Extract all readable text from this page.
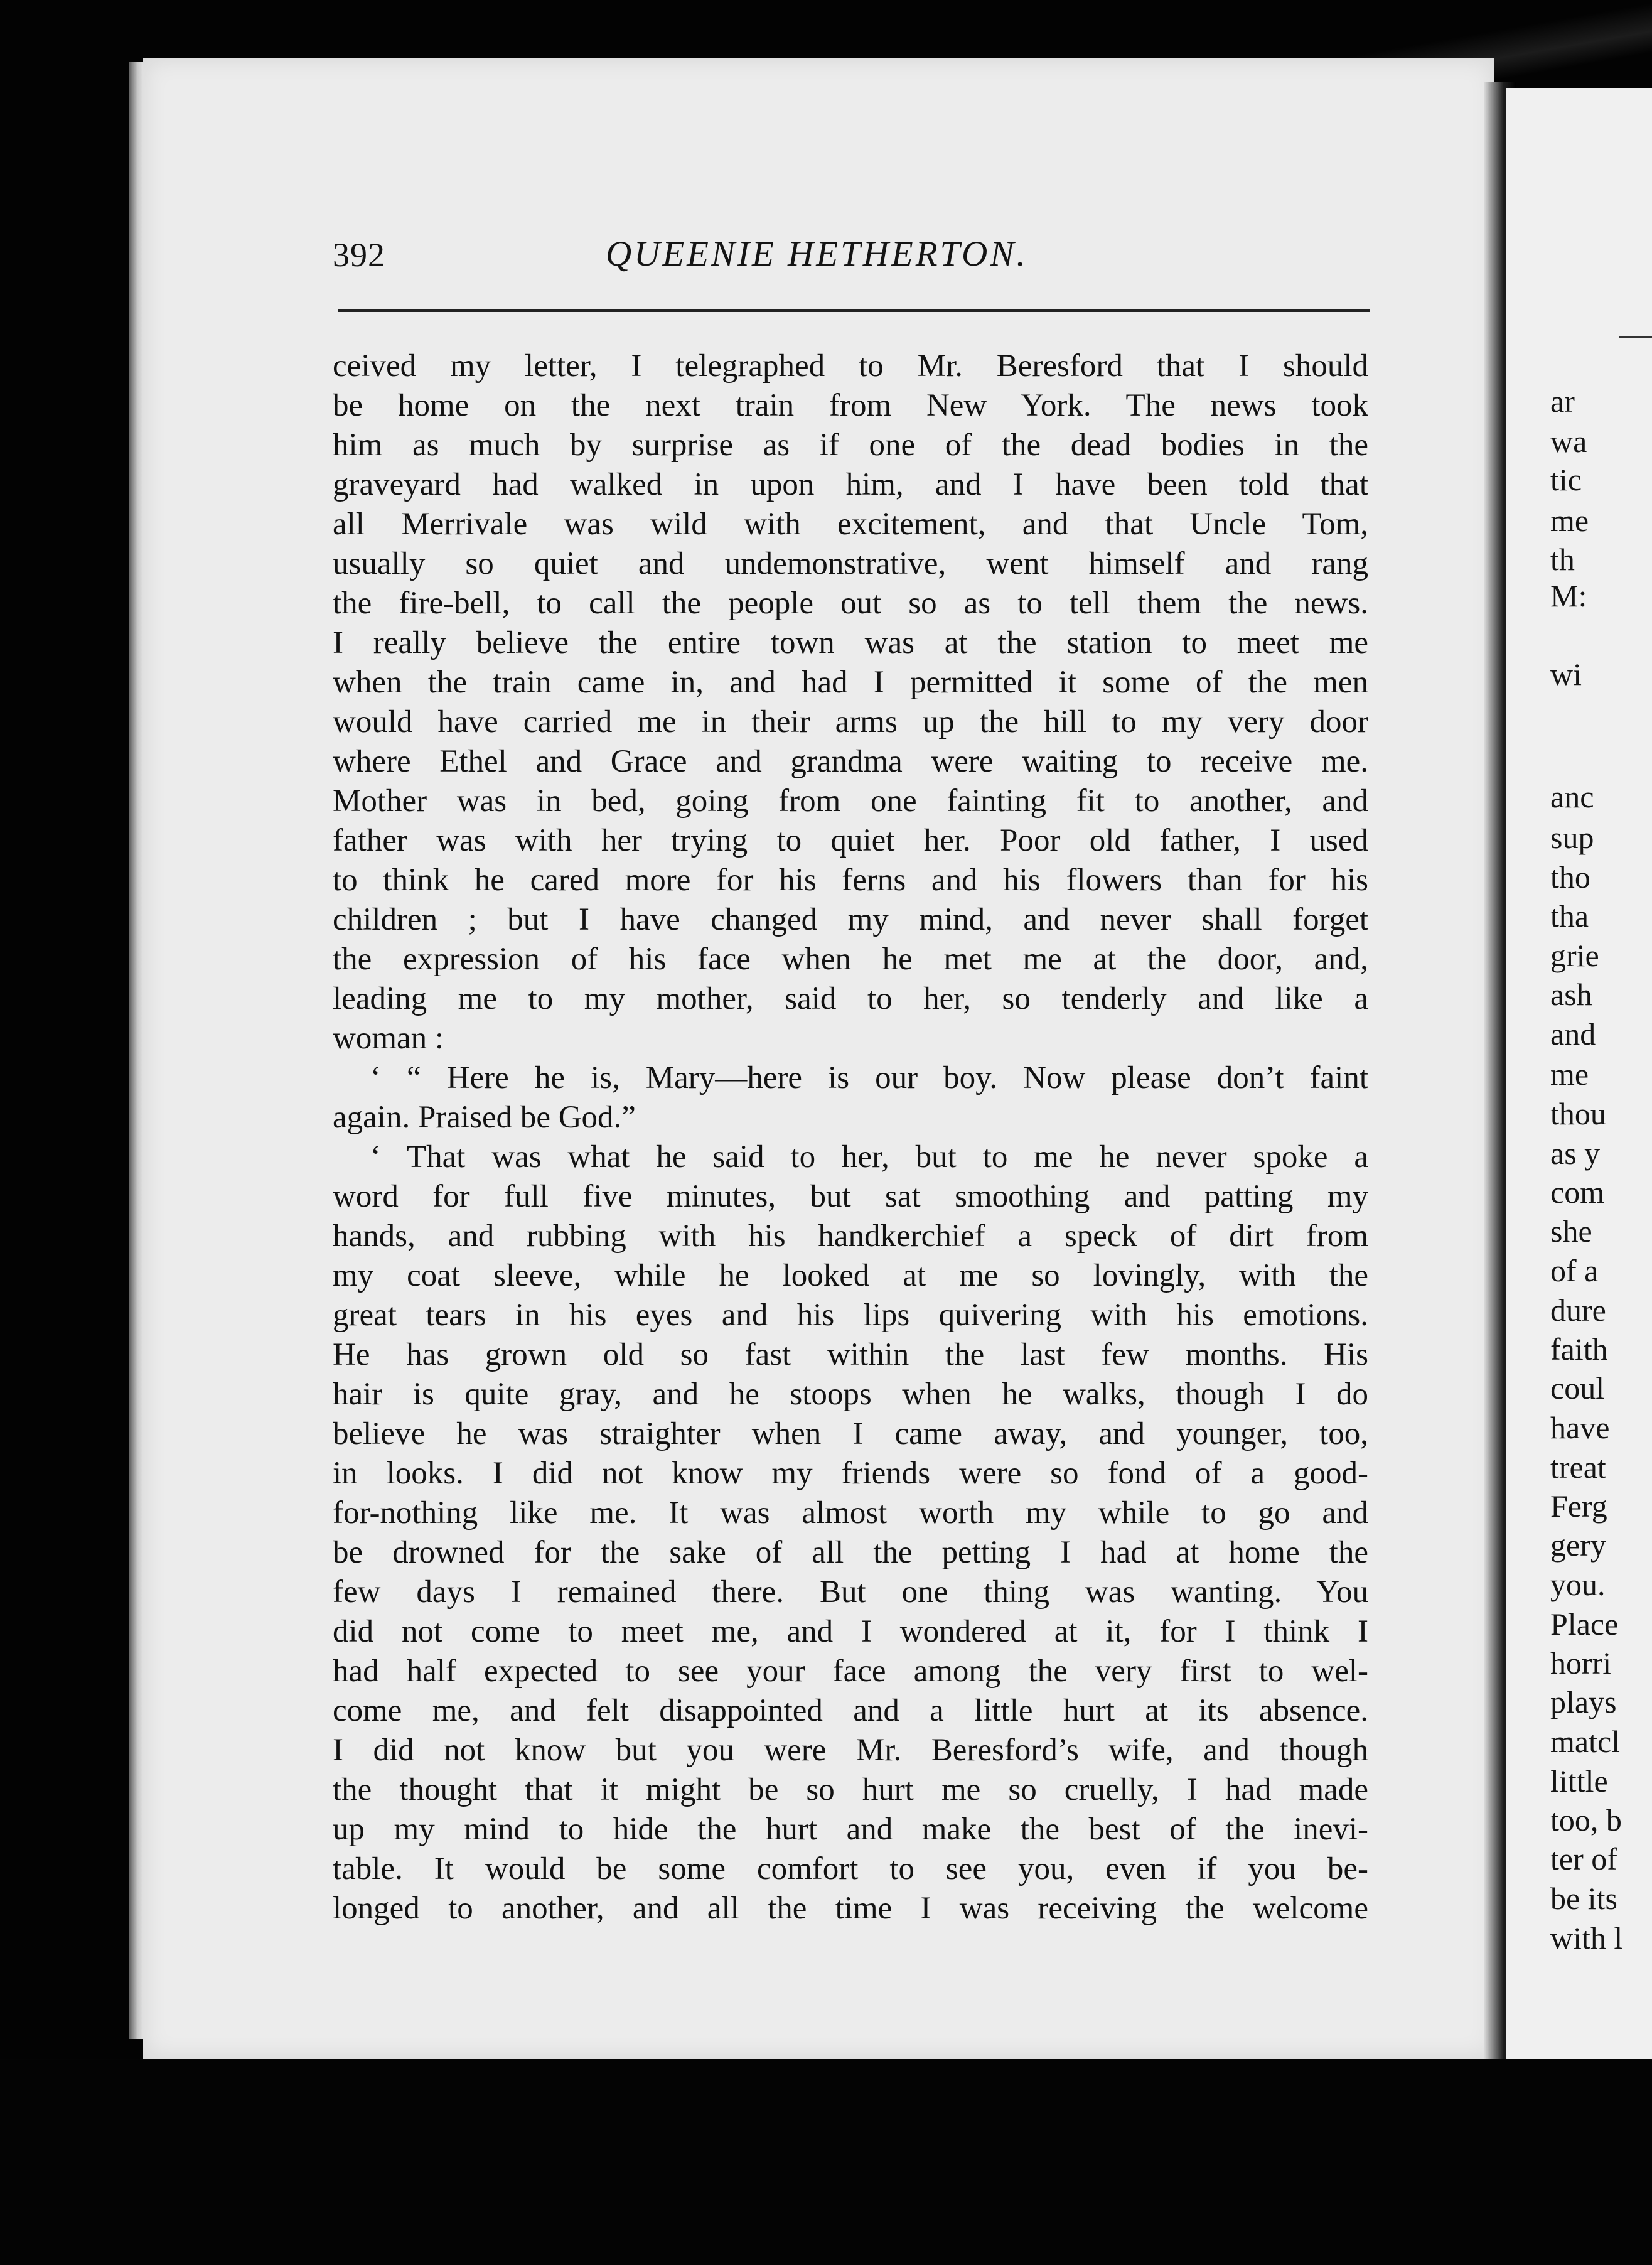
392	QUEENIE HETHERTON.
ceived my letter, I telegraphed to Mr. Beresford that I should
be home on the next train from New York. The news took
him as much by surprise as if one of the dead bodies in the
graveyard had walked in upon him, and I have been told that
all Merrivale was wild with excitement, and that Uncle Tom,
usually so quiet and undemonstrative, went himself and rang
the fire-bell, to call the people out so as to tell them the news.
I really believe the entire town was at the station to meet me
when the train came in, and had I permitted it some of the men
would have carried me in their arms up the hill to my very door
where Ethel and Grace and grandma were waiting to receive me.
Mother was in bed, going from one fainting fit to another, and
father was with her trying to quiet her. Poor old father, I used
to think he cared more for his ferns and his flowers than for his
children ; but I have changed my mind, and never shall forget
the expression of his face when he met me at the door, and,
leading me to my mother, said to her, so tenderly and like a
woman :
‘ “ Here he is, Mary—here is our boy. Now please don’t faint
again. Praised be God.”
‘ That was what he said to her, but to me he never spoke a
word for full five minutes, but sat smoothing and patting my
hands, and rubbing with his handkerchief a speck of dirt from
my coat sleeve, while he looked at me so lovingly, with the
great tears in his eyes and his lips quivering with his emotions.
He has grown old so fast within the last few months. His
hair is quite gray, and he stoops when he walks, though I do
believe he was straighter when I came away, and younger, too,
in looks. I did not know my friends were so fond of a good-
for-nothing like me. It was almost worth my while to go and
be drowned for the sake of all the petting I had at home the
few days I remained there. But one thing was wanting. You
did not come to meet me, and I wondered at it, for I think I
had half expected to see your face among the very first to wel-
come me, and felt disappointed and a little hurt at its absence.
I did not know but you were Mr. Beresford’s wife, and though
the thought that it might be so hurt me so cruelly, I had made
up my mind to hide the hurt and make the best of the inevi-
table. It would be some comfort to see you, even if you be-
longed to another, and all the time I was receiving the welcome
ar
wa
tic
me
th
M:
wi
anc
sup
tho
tha
grie
ash
and
me
thou
as y
com
she
of a
dure
faith
coul
have
treat
Ferg
gery
you.
Place
horri
plays
matcl
little
too, b
ter of
be its
with l
